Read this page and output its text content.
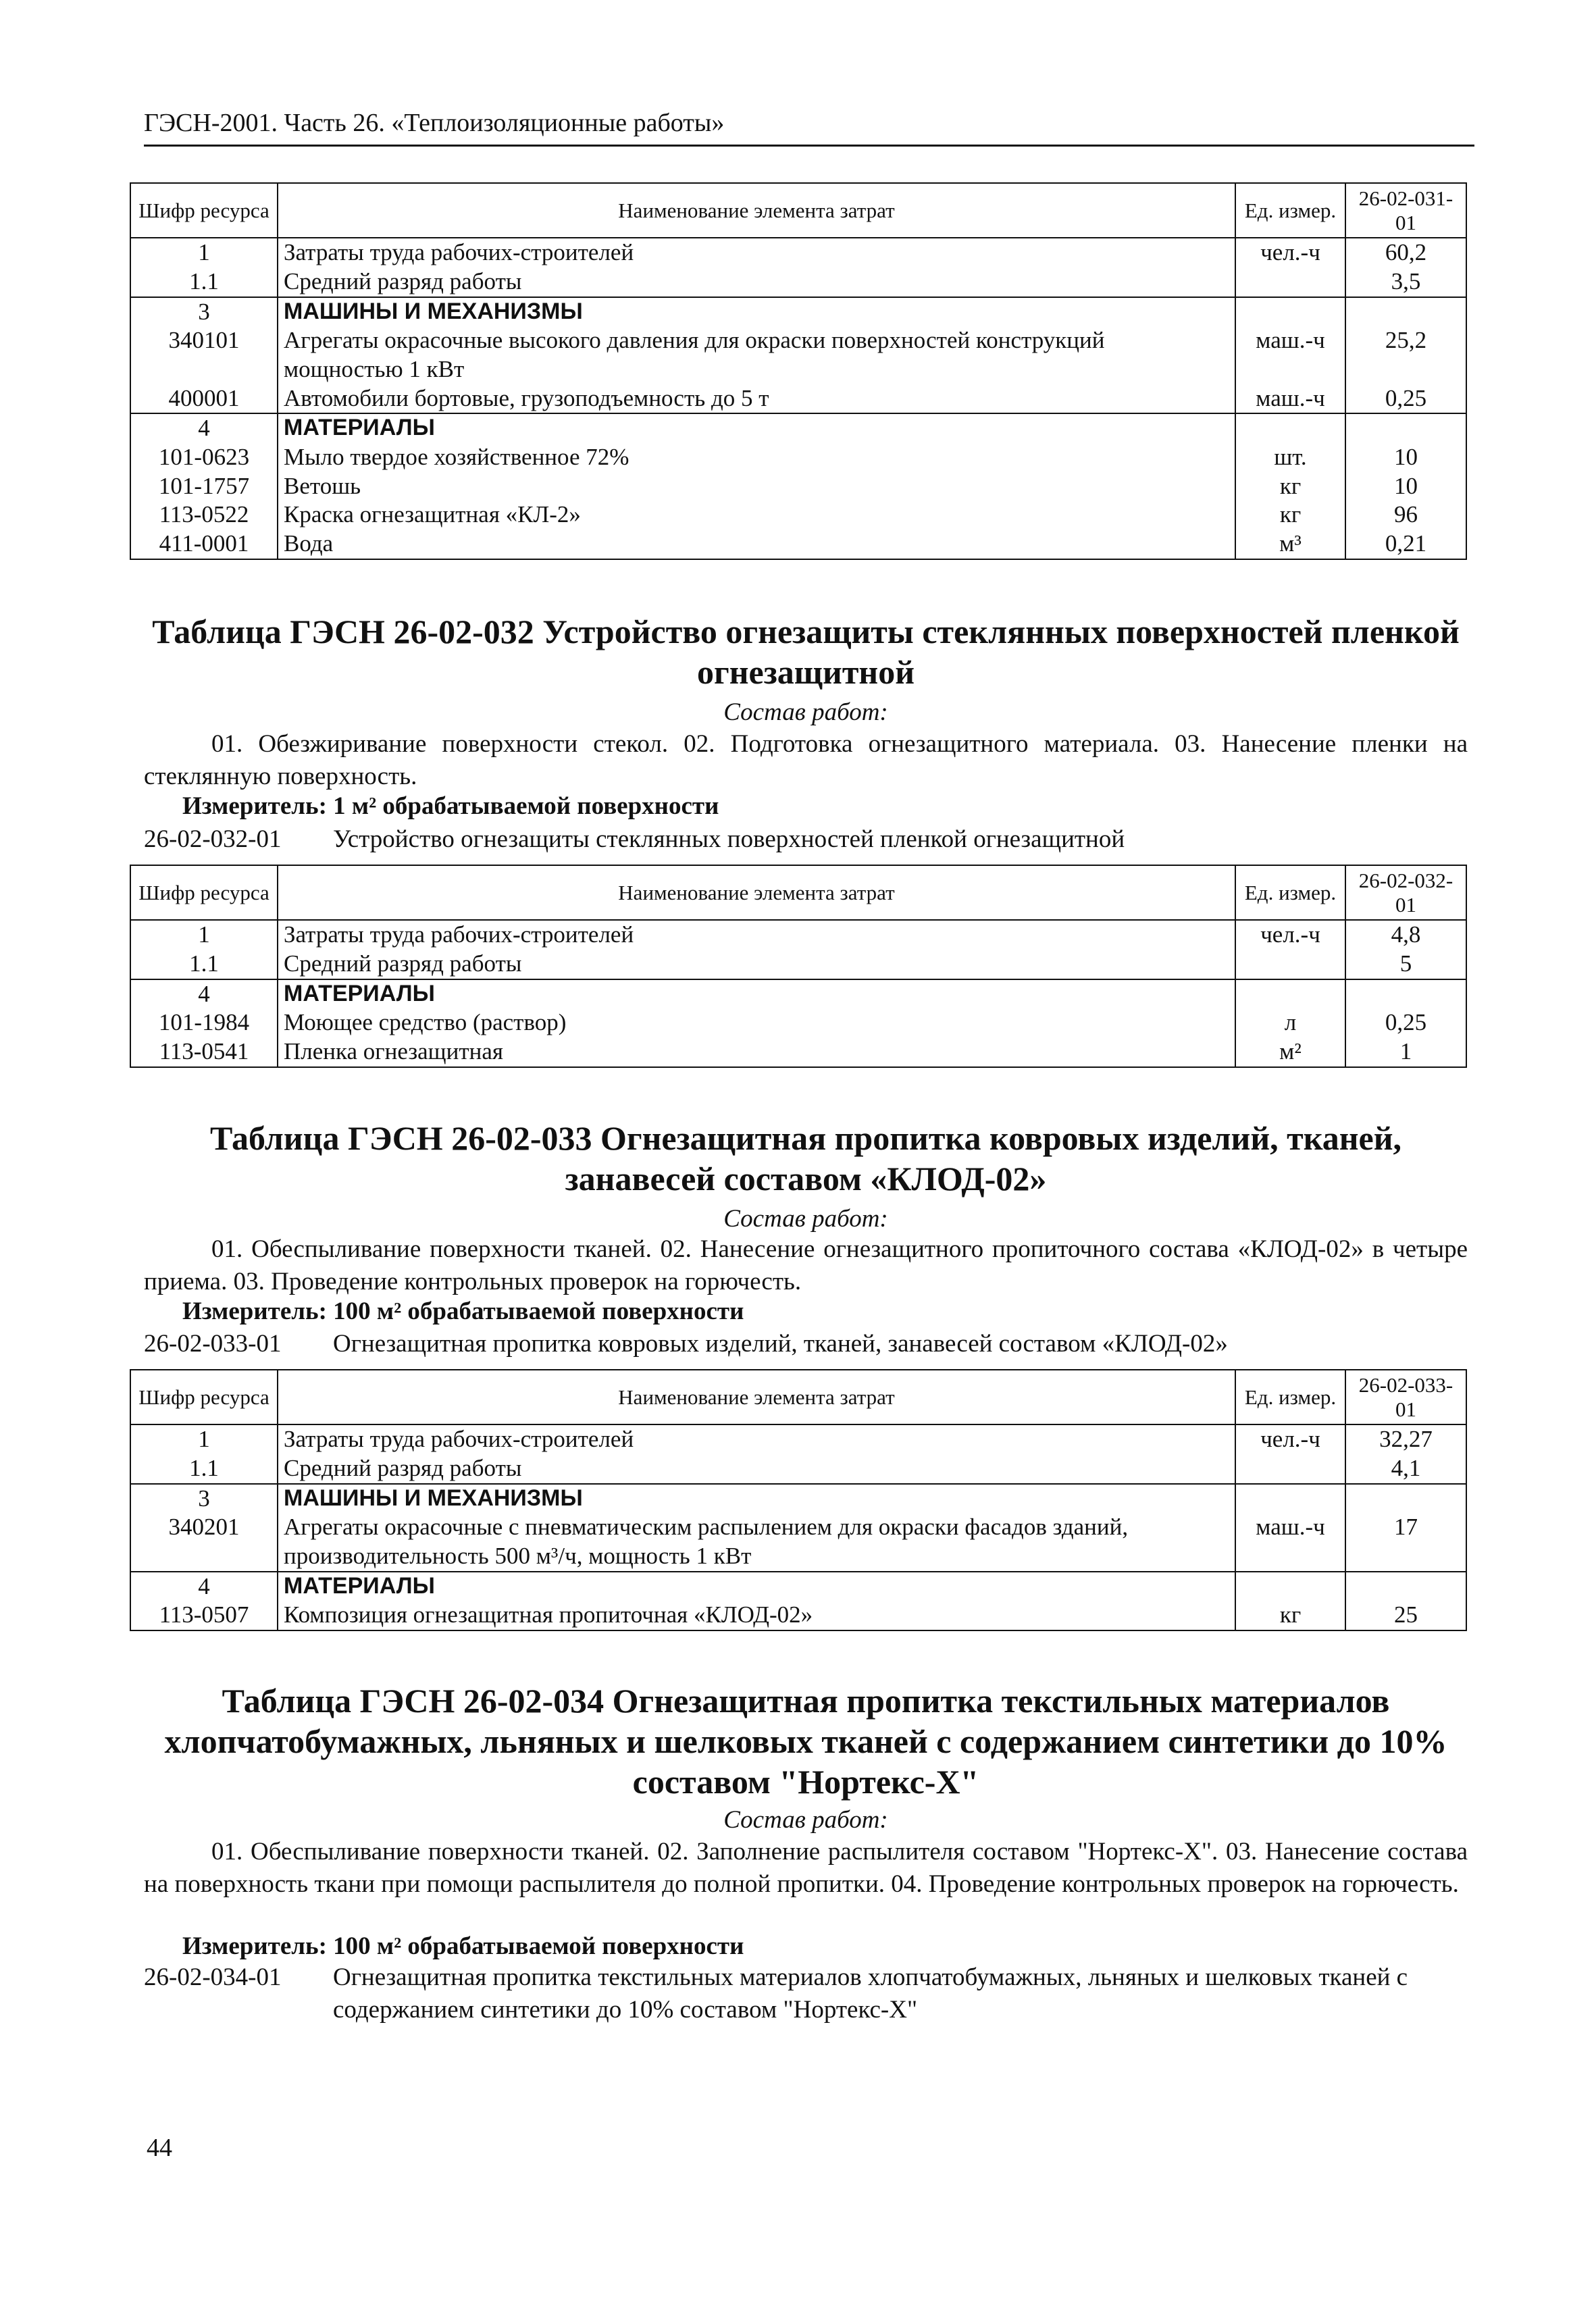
ГЭСН-2001. Часть 26. «Теплоизоляционные работы»
Шифр ресурса	Наименование элемента затрат	Ед. измер.	26-02-031-01
1	Затраты труда рабочих-строителей	чел.-ч	60,2
1.1	Средний разряд работы		3,5
3	МАШИНЫ И МЕХАНИЗМЫ		
340101	Агрегаты окрасочные высокого давления для окраски поверхностей конструкций мощностью 1 кВт	маш.-ч	25,2
400001	Автомобили бортовые, грузоподъемность до 5 т	маш.-ч	0,25
4	МАТЕРИАЛЫ		
101-0623	Мыло твердое хозяйственное 72%	шт.	10
101-1757	Ветошь	кг	10
113-0522	Краска огнезащитная «КЛ-2»	кг	96
411-0001	Вода	м³	0,21
Таблица ГЭСН 26-02-032 Устройство огнезащиты стеклянных поверхностей пленкой огнезащитной
Состав работ:
01. Обезжиривание поверхности стекол. 02. Подготовка огнезащитного материала. 03. Нанесение пленки на стеклянную поверхность.
Измеритель: 1 м² обрабатываемой поверхности
26-02-032-01	Устройство огнезащиты стеклянных поверхностей пленкой огнезащитной
Шифр ресурса	Наименование элемента затрат	Ед. измер.	26-02-032-01
1	Затраты труда рабочих-строителей	чел.-ч	4,8
1.1	Средний разряд работы		5
4	МАТЕРИАЛЫ		
101-1984	Моющее средство (раствор)	л	0,25
113-0541	Пленка огнезащитная	м²	1
Таблица ГЭСН 26-02-033 Огнезащитная пропитка ковровых изделий, тканей, занавесей составом «КЛОД-02»
Состав работ:
01. Обеспыливание поверхности тканей. 02. Нанесение огнезащитного пропиточного состава «КЛОД-02» в четыре приема. 03. Проведение контрольных проверок на горючесть.
Измеритель: 100 м² обрабатываемой поверхности
26-02-033-01	Огнезащитная пропитка ковровых изделий, тканей, занавесей составом «КЛОД-02»
Шифр ресурса	Наименование элемента затрат	Ед. измер.	26-02-033-01
1	Затраты труда рабочих-строителей	чел.-ч	32,27
1.1	Средний разряд работы		4,1
3	МАШИНЫ И МЕХАНИЗМЫ		
340201	Агрегаты окрасочные с пневматическим распылением для окраски фасадов зданий, производительность 500 м³/ч, мощность 1 кВт	маш.-ч	17
4	МАТЕРИАЛЫ		
113-0507	Композиция огнезащитная пропиточная «КЛОД-02»	кг	25
Таблица ГЭСН 26-02-034 Огнезащитная пропитка текстильных материалов хлопчатобумажных, льняных и шелковых тканей с содержанием синтетики до 10% составом "Нортекс-Х"
Состав работ:
01. Обеспыливание поверхности тканей. 02. Заполнение распылителя составом "Нортекс-Х". 03. Нанесение состава на поверхность ткани при помощи распылителя до полной пропитки. 04. Проведение контрольных проверок на горючесть.
Измеритель: 100 м² обрабатываемой поверхности
26-02-034-01	Огнезащитная пропитка текстильных материалов хлопчатобумажных, льняных и шелковых тканей с содержанием синтетики до 10% составом "Нортекс-Х"
44
